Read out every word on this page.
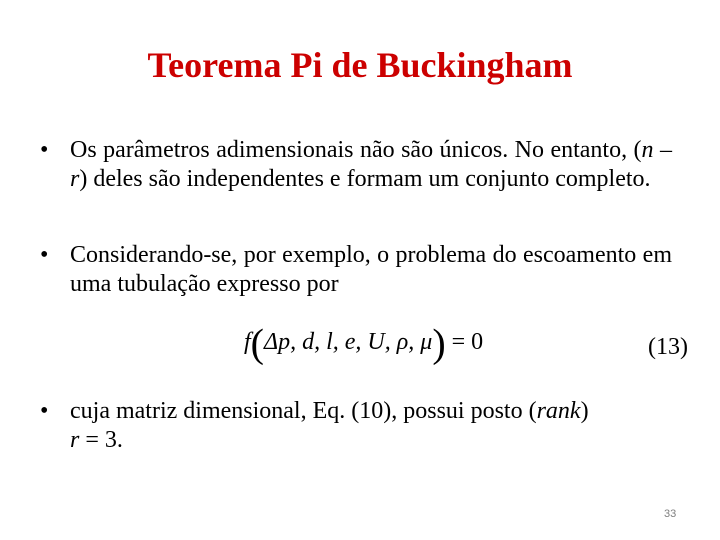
Teorema Pi de Buckingham
• Os parâmetros adimensionais não são únicos. No entanto, (n – r) deles são independentes e formam um conjunto completo.
• Considerando-se, por exemplo, o problema do escoamento em uma tubulação expresso por
f(Δp, d, l, e, U, ρ, μ) = 0	(13)
• cuja matriz dimensional, Eq. (10), possui posto (rank)
r = 3.
33
